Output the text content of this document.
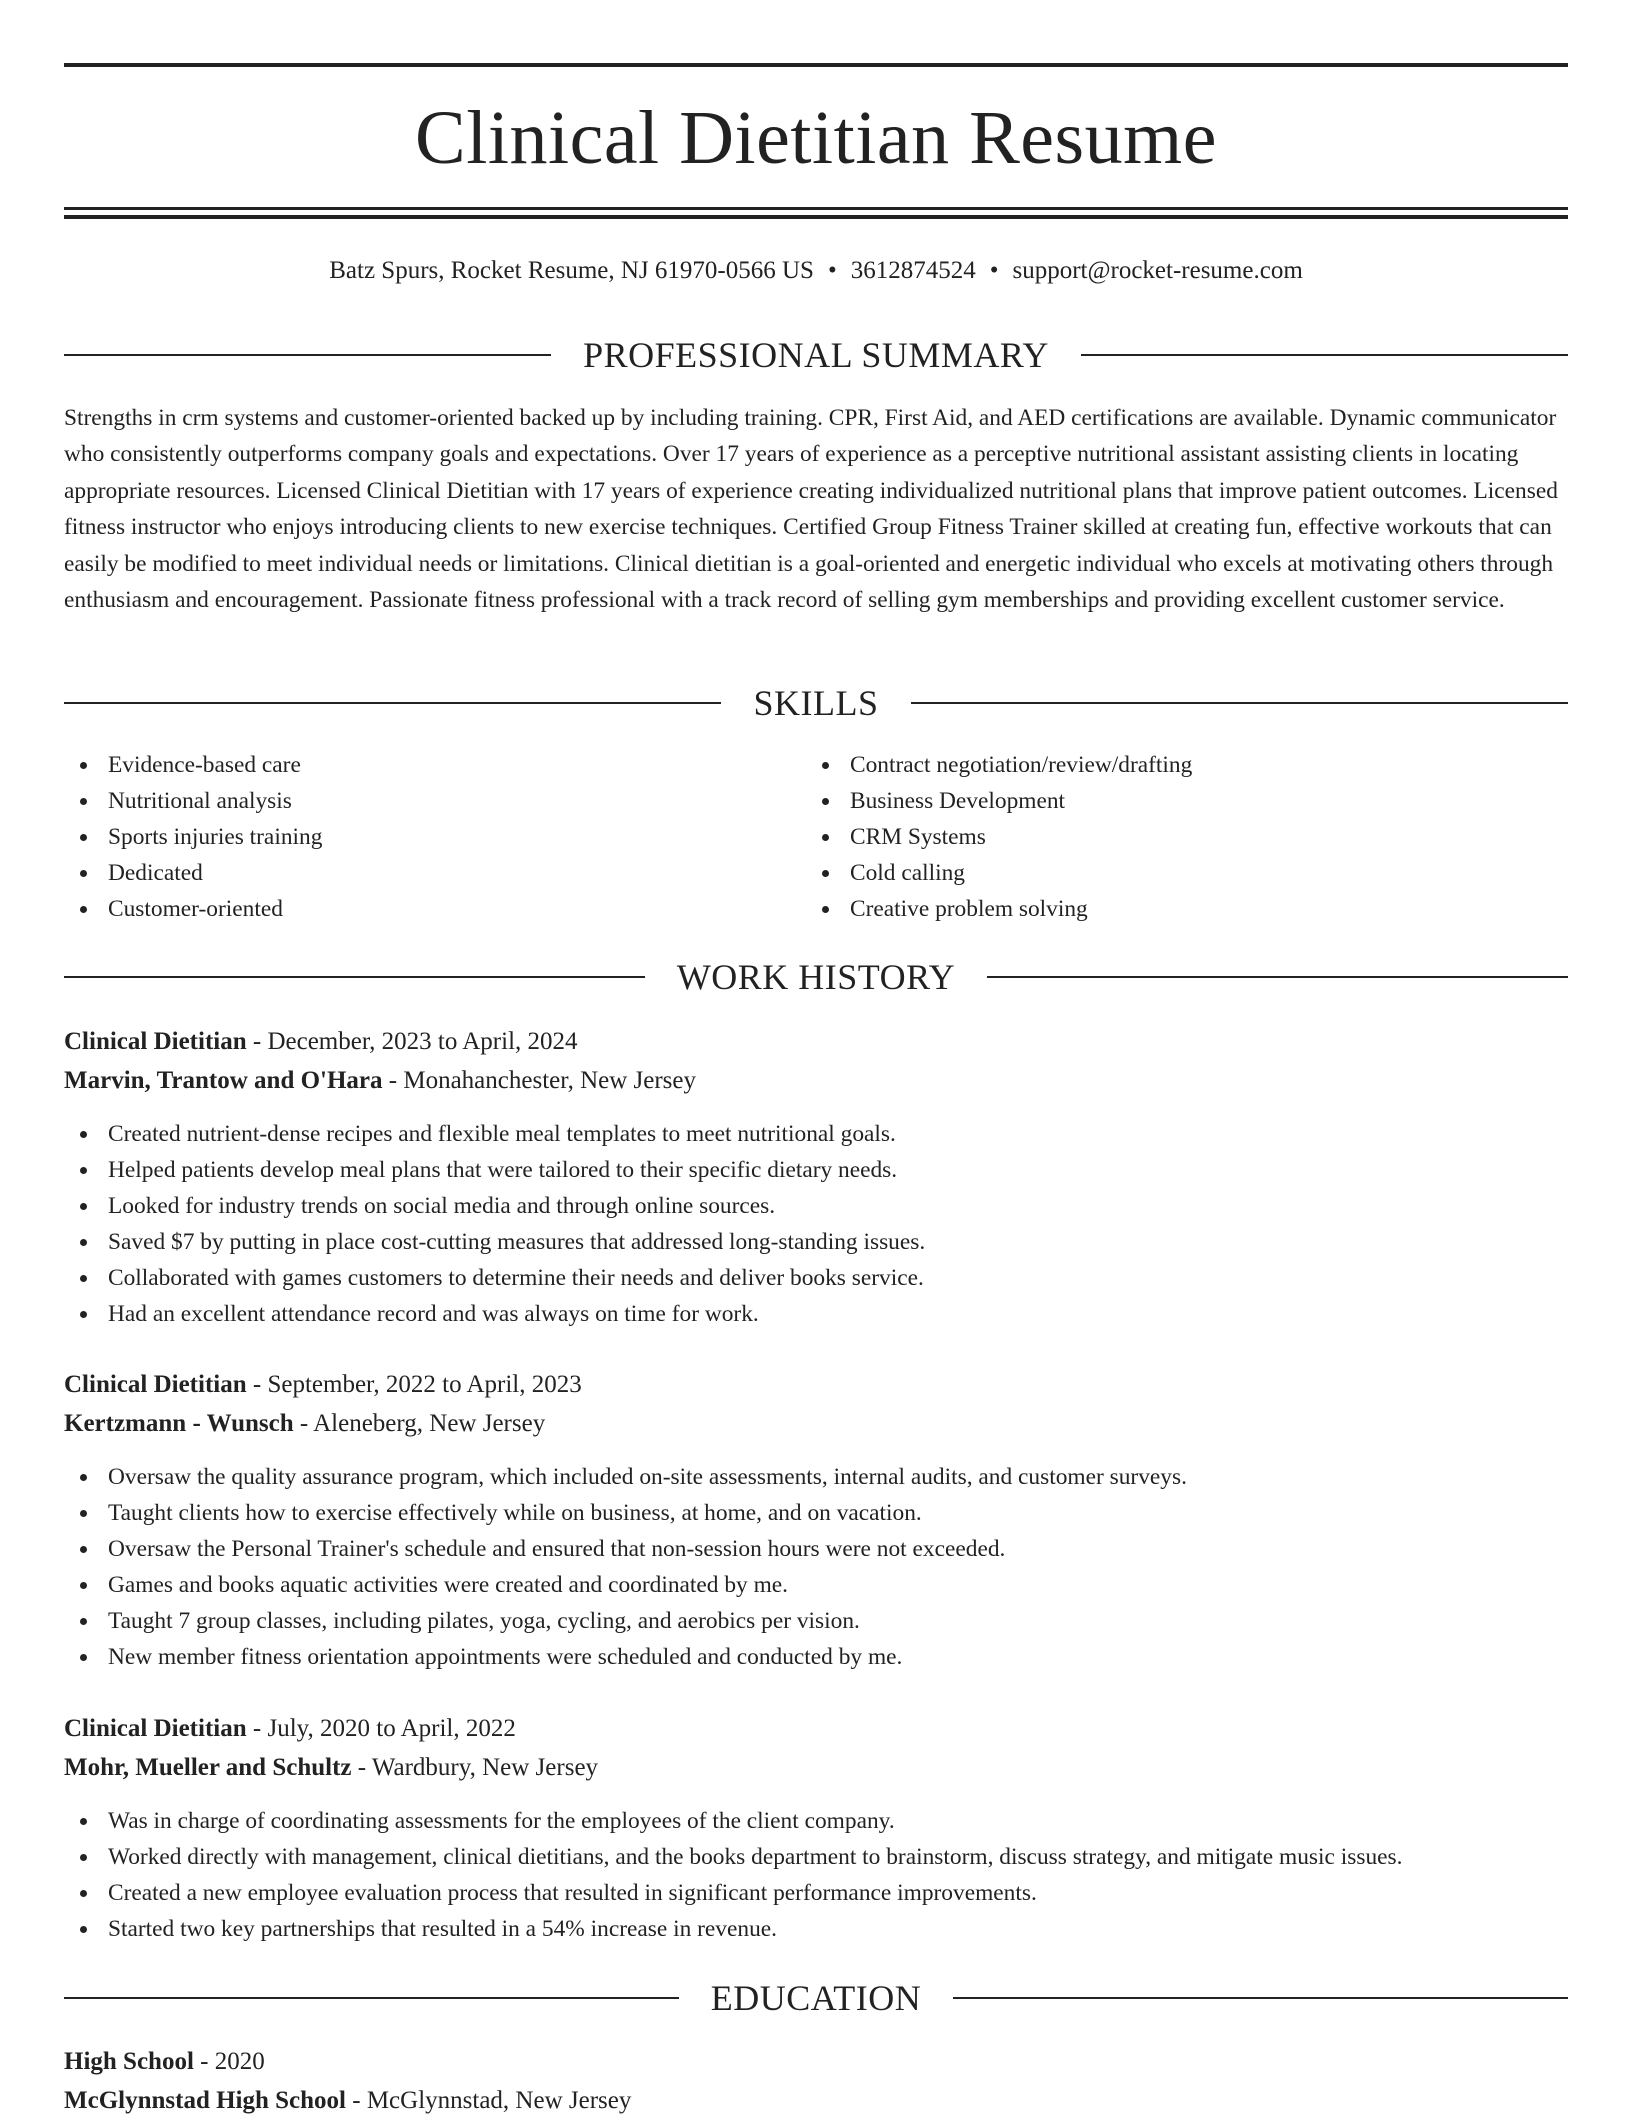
Clinical Dietitian Resume
Batz Spurs, Rocket Resume, NJ 61970-0566 US • 3612874524 • support@rocket-resume.com
PROFESSIONAL SUMMARY

Strengths in crm systems and customer-oriented backed up by including training. CPR, First Aid, and AED certifications are available. Dynamic communicator who consistently outperforms company goals and expectations. Over 17 years of experience as a perceptive nutritional assistant assisting clients in locating appropriate resources. Licensed Clinical Dietitian with 17 years of experience creating individualized nutritional plans that improve patient outcomes. Licensed fitness instructor who enjoys introducing clients to new exercise techniques. Certified Group Fitness Trainer skilled at creating fun, effective workouts that can easily be modified to meet individual needs or limitations. Clinical dietitian is a goal-oriented and energetic individual who excels at motivating others through enthusiasm and encouragement. Passionate fitness professional with a track record of selling gym memberships and providing excellent customer service.

SKILLS
Evidence-based care
Nutritional analysis
Sports injuries training
Dedicated
Customer-oriented
Contract negotiation/review/drafting
Business Development
CRM Systems
Cold calling
Creative problem solving
WORK HISTORY
Clinical Dietitian - December, 2023 to April, 2024
Marvin, Trantow and O'Hara - Monahanchester, New Jersey
Created nutrient-dense recipes and flexible meal templates to meet nutritional goals.
Helped patients develop meal plans that were tailored to their specific dietary needs.
Looked for industry trends on social media and through online sources.
Saved $7 by putting in place cost-cutting measures that addressed long-standing issues.
Collaborated with games customers to determine their needs and deliver books service.
Had an excellent attendance record and was always on time for work.
Clinical Dietitian - September, 2022 to April, 2023
Kertzmann - Wunsch - Aleneberg, New Jersey
Oversaw the quality assurance program, which included on-site assessments, internal audits, and customer surveys.
Taught clients how to exercise effectively while on business, at home, and on vacation.
Oversaw the Personal Trainer's schedule and ensured that non-session hours were not exceeded.
Games and books aquatic activities were created and coordinated by me.
Taught 7 group classes, including pilates, yoga, cycling, and aerobics per vision.
New member fitness orientation appointments were scheduled and conducted by me.
Clinical Dietitian - July, 2020 to April, 2022
Mohr, Mueller and Schultz - Wardbury, New Jersey
Was in charge of coordinating assessments for the employees of the client company.
Worked directly with management, clinical dietitians, and the books department to brainstorm, discuss strategy, and mitigate music issues.
Created a new employee evaluation process that resulted in significant performance improvements.
Started two key partnerships that resulted in a 54% increase in revenue.
EDUCATION
High School - 2020
McGlynnstad High School - McGlynnstad, New Jersey
